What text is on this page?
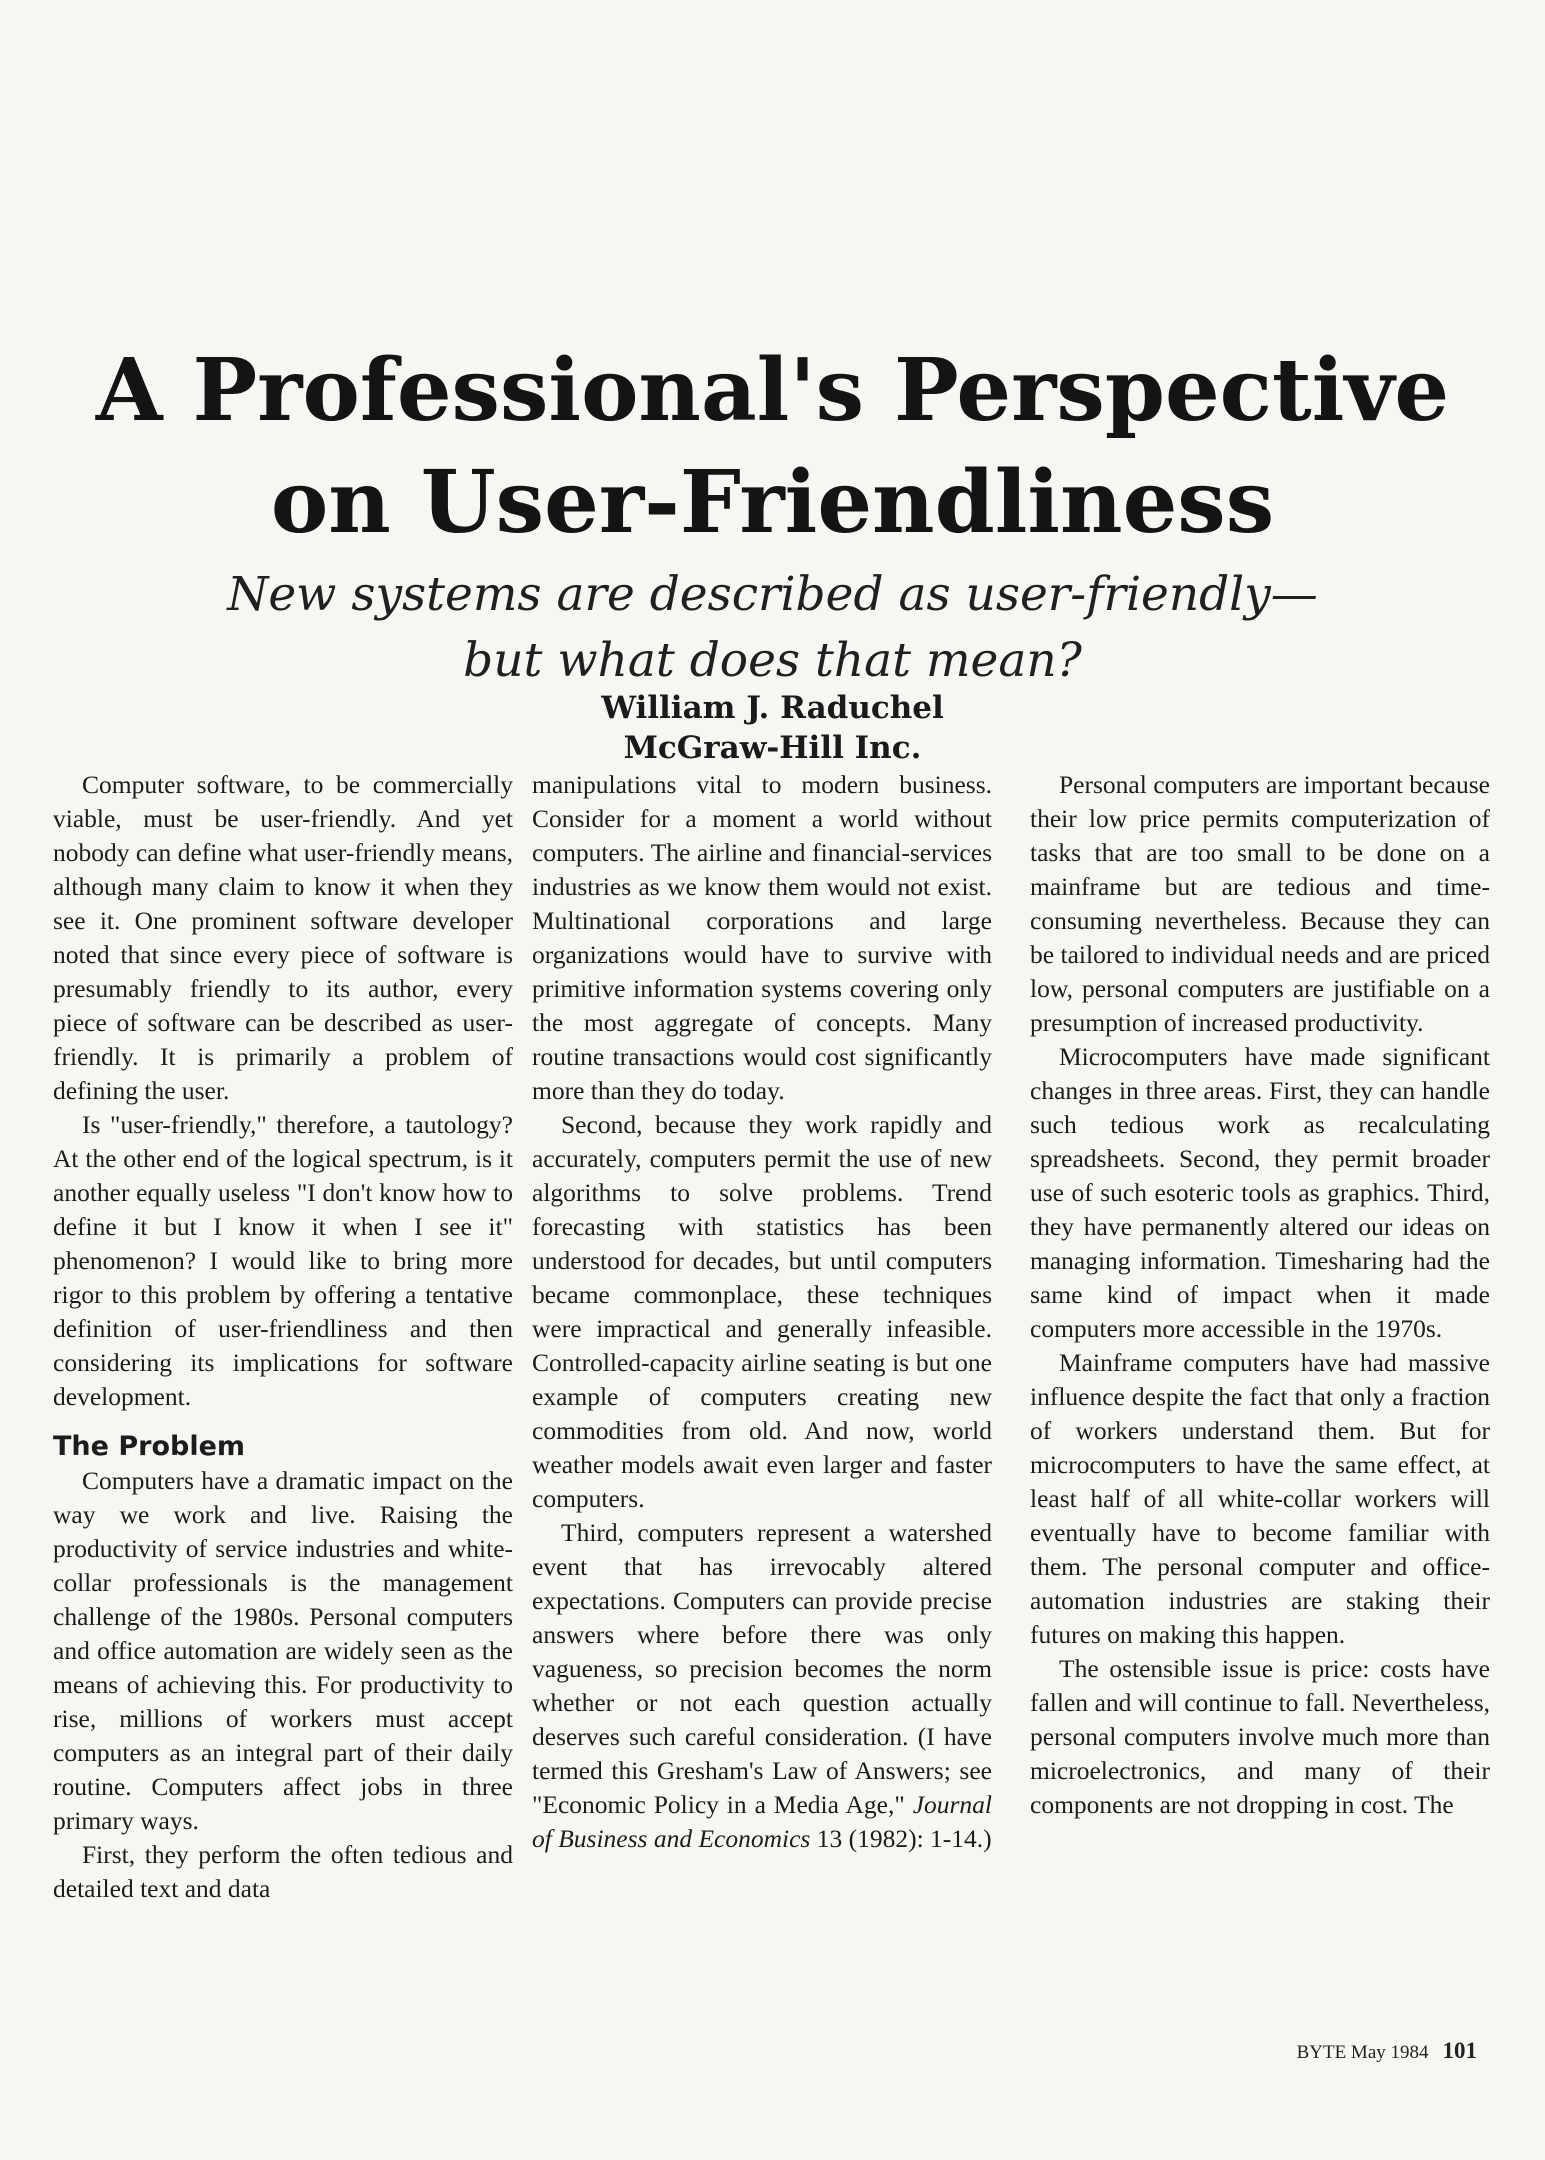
A Professional's Perspective
on User-Friendliness
New systems are described as user-friendly—
but what does that mean?
William J. Raduchel
McGraw-Hill Inc.

Computer software, to be commercially viable, must be user-friendly. And yet nobody can define what user-friendly means, although many claim to know it when they see it. One prominent software developer noted that since every piece of software is presumably friendly to its author, every piece of software can be described as user-friendly. It is primarily a problem of defining the user.

Is "user-friendly," therefore, a tautology? At the other end of the logical spectrum, is it another equally useless "I don't know how to define it but I know it when I see it" phenomenon? I would like to bring more rigor to this problem by offering a tentative definition of user-friendliness and then considering its implications for software development.

The Problem

Computers have a dramatic impact on the way we work and live. Raising the productivity of service industries and white-collar professionals is the management challenge of the 1980s. Personal computers and office automation are widely seen as the means of achieving this. For productivity to rise, millions of workers must accept computers as an integral part of their daily routine. Computers affect jobs in three primary ways.

First, they perform the often tedious and detailed text and data

manipulations vital to modern business. Consider for a moment a world without computers. The airline and financial-services industries as we know them would not exist. Multinational corporations and large organizations would have to survive with primitive information systems covering only the most aggregate of concepts. Many routine transactions would cost significantly more than they do today.

Second, because they work rapidly and accurately, computers permit the use of new algorithms to solve problems. Trend forecasting with statistics has been understood for decades, but until computers became commonplace, these techniques were impractical and generally infeasible. Controlled-capacity airline seating is but one example of computers creating new commodities from old. And now, world weather models await even larger and faster computers.

Third, computers represent a watershed event that has irrevocably altered expectations. Computers can provide precise answers where before there was only vagueness, so precision becomes the norm whether or not each question actually deserves such careful consideration. (I have termed this Gresham's Law of Answers; see "Economic Policy in a Media Age," Journal of Business and Economics 13 (1982): 1-14.)

Personal computers are important because their low price permits computerization of tasks that are too small to be done on a mainframe but are tedious and time-consuming nevertheless. Because they can be tailored to individual needs and are priced low, personal computers are justifiable on a presumption of increased productivity.

Microcomputers have made significant changes in three areas. First, they can handle such tedious work as recalculating spreadsheets. Second, they permit broader use of such esoteric tools as graphics. Third, they have permanently altered our ideas on managing information. Timesharing had the same kind of impact when it made computers more accessible in the 1970s.

Mainframe computers have had massive influence despite the fact that only a fraction of workers understand them. But for microcomputers to have the same effect, at least half of all white-collar workers will eventually have to become familiar with them. The personal computer and office-automation industries are staking their futures on making this happen.

The ostensible issue is price: costs have fallen and will continue to fall. Nevertheless, personal computers involve much more than microelectronics, and many of their components are not dropping in cost. The

BYTE May 1984 101
